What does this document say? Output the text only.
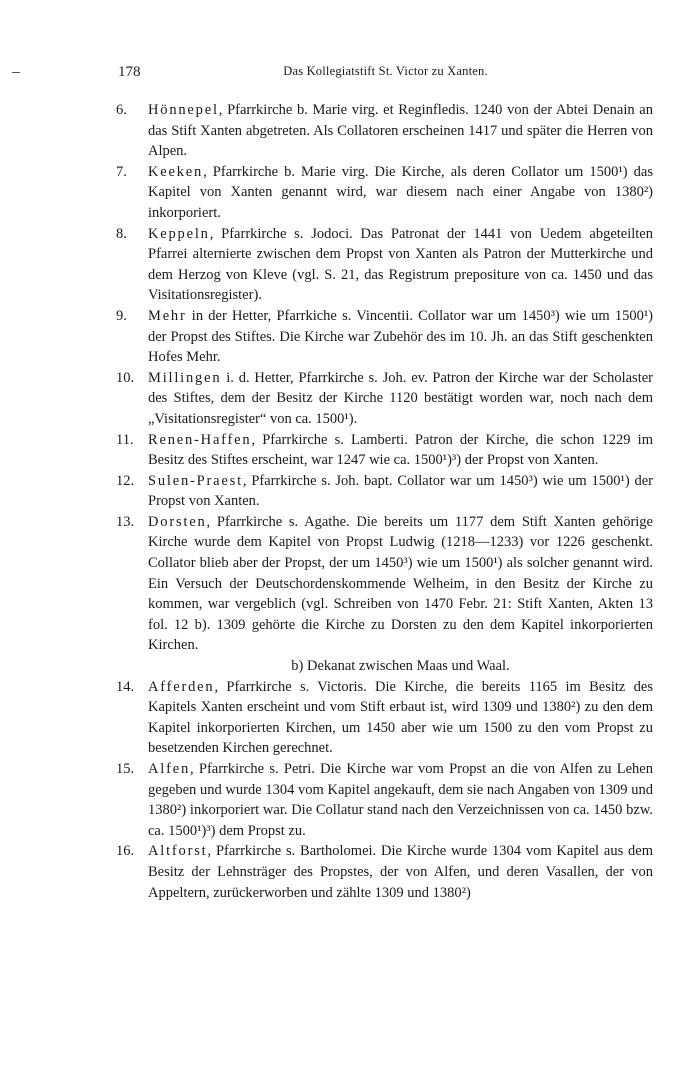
178	Das Kollegiatstift St. Victor zu Xanten.
6.	Hönnepel, Pfarrkirche b. Marie virg. et Reginfledis. 1240 von der Abtei Denain an das Stift Xanten abgetreten. Als Collatoren erscheinen 1417 und später die Herren von Alpen.
7.	Keeken, Pfarrkirche b. Marie virg. Die Kirche, als deren Collator um 1500¹) das Kapitel von Xanten genannt wird, war diesem nach einer Angabe von 1380²) inkorporiert.
8.	Keppeln, Pfarrkirche s. Jodoci. Das Patronat der 1441 von Uedem abgeteilten Pfarrei alternierte zwischen dem Propst von Xanten als Patron der Mutterkirche und dem Herzog von Kleve (vgl. S. 21, das Registrum prepositure von ca. 1450 und das Visitationsregister).
9.	Mehr in der Hetter, Pfarrkiche s. Vincentii. Collator war um 1450³) wie um 1500¹) der Propst des Stiftes. Die Kirche war Zubehör des im 10. Jh. an das Stift geschenkten Hofes Mehr.
10. Millingen i. d. Hetter, Pfarrkirche s. Joh. ev. Patron der Kirche war der Scholaster des Stiftes, dem der Besitz der Kirche 1120 bestätigt worden war, noch nach dem „Visitationsregister“ von ca. 1500¹).
11. Renen-Haffen, Pfarrkirche s. Lamberti. Patron der Kirche, die schon 1229 im Besitz des Stiftes erscheint, war 1247 wie ca. 1500¹)³) der Propst von Xanten.
12. Sulen-Praest, Pfarrkirche s. Joh. bapt. Collator war um 1450³) wie um 1500¹) der Propst von Xanten.
13. Dorsten, Pfarrkirche s. Agathe. Die bereits um 1177 dem Stift Xanten gehörige Kirche wurde dem Kapitel von Propst Ludwig (1218—1233) vor 1226 geschenkt. Collator blieb aber der Propst, der um 1450³) wie um 1500¹) als solcher genannt wird. Ein Versuch der Deutschordenskommende Welheim, in den Besitz der Kirche zu kommen, war vergeblich (vgl. Schreiben von 1470 Febr. 21: Stift Xanten, Akten 13 fol. 12 b). 1309 gehörte die Kirche zu Dorsten zu den dem Kapitel inkorporierten Kirchen.
b) Dekanat zwischen Maas und Waal.
14. Afferden, Pfarrkirche s. Victoris. Die Kirche, die bereits 1165 im Besitz des Kapitels Xanten erscheint und vom Stift erbaut ist, wird 1309 und 1380²) zu den dem Kapitel inkorporierten Kirchen, um 1450 aber wie um 1500 zu den vom Propst zu besetzenden Kirchen gerechnet.
15. Alfen, Pfarrkirche s. Petri. Die Kirche war vom Propst an die von Alfen zu Lehen gegeben und wurde 1304 vom Kapitel angekauft, dem sie nach Angaben von 1309 und 1380²) inkorporiert war. Die Collatur stand nach den Verzeichnissen von ca. 1450 bzw. ca. 1500¹)³) dem Propst zu.
16. Altforst, Pfarrkirche s. Bartholomei. Die Kirche wurde 1304 vom Kapitel aus dem Besitz der Lehnsträger des Propstes, der von Alfen, und deren Vasallen, der von Appeltern, zurückerworben und zählte 1309 und 1380²)
